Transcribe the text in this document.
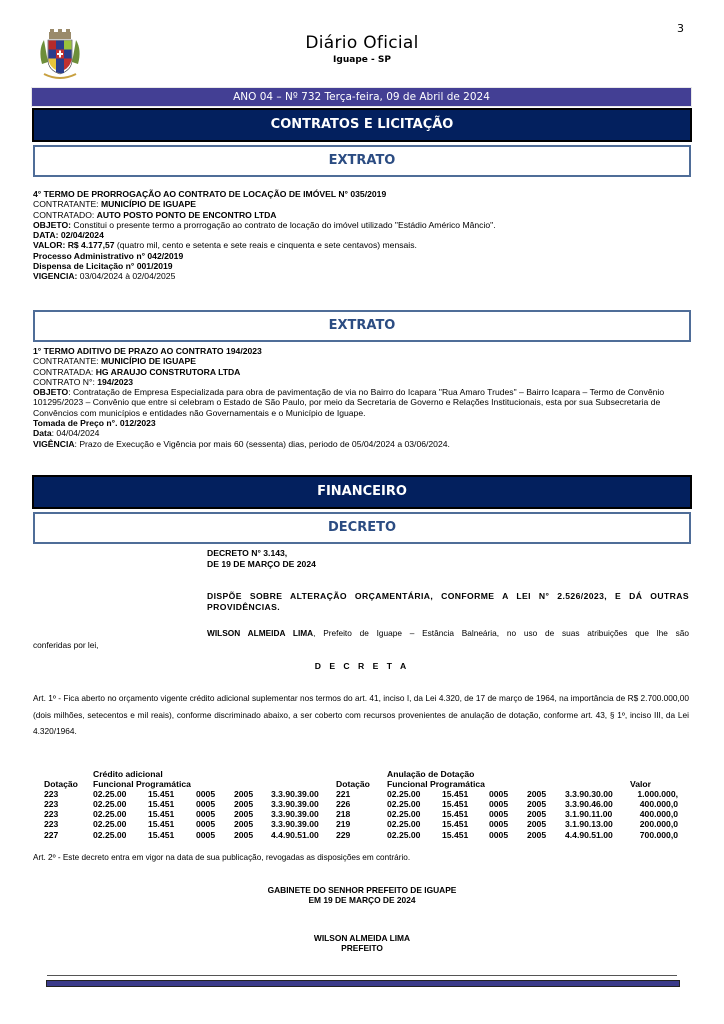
3
Diário Oficial
Iguape - SP
ANO 04 – Nº 732 Terça-feira, 09 de Abril de 2024
CONTRATOS E LICITAÇÃO
EXTRATO

4° TERMO DE PRORROGAÇÃO AO CONTRATO DE LOCAÇÃO DE IMÓVEL N° 035/2019

CONTRATANTE: MUNICÍPIO DE IGUAPE

CONTRATADO: AUTO POSTO PONTO DE ENCONTRO LTDA

OBJETO: Constitui o presente termo a prorrogação ao contrato de locação do imóvel utilizado "Estádio Américo Mâncio".

DATA: 02/04/2024

VALOR: R$ 4.177,57 (quatro mil, cento e setenta e sete reais e cinquenta e sete centavos) mensais.

Processo Administrativo n° 042/2019

Dispensa de Licitação n° 001/2019

VIGENCIA: 03/04/2024 à 02/04/2025

EXTRATO

1° TERMO ADITIVO DE PRAZO AO CONTRATO 194/2023

CONTRATANTE: MUNICÍPIO DE IGUAPE

CONTRATADA: HG ARAUJO CONSTRUTORA LTDA

CONTRATO N°: 194/2023

OBJETO: Contratação de Empresa Especializada para obra de pavimentação de via no Bairro do Icapara "Rua Amaro Trudes" – Bairro Icapara – Termo de Convênio 101295/2023 – Convênio que entre si celebram o Estado de São Paulo, por meio da Secretaria de Governo e Relações Institucionais, esta por sua Subsecretaria de Convêncios com municípios e entidades não Governamentais e o Município de Iguape.

Tomada de Preço n°. 012/2023

Data: 04/04/2024

VIGÊNCIA: Prazo de Execução e Vigência por mais 60 (sessenta) dias, periodo de 05/04/2024 a 03/06/2024.

FINANCEIRO
DECRETO

DECRETO N° 3.143,

DE 19 DE MARÇO DE 2024

DISPÕE SOBRE ALTERAÇÃO ORÇAMENTÁRIA, CONFORME A LEI N° 2.526/2023, E DÁ OUTRAS PROVIDÊNCIAS.
WILSON ALMEIDA LIMA, Prefeito de Iguape – Estância Balneária, no uso de suas atribuições que lhe são
conferidas por lei,
D E C R E T A
Art. 1º - Fica aberto no orçamento vigente crédito adicional suplementar nos termos do art. 41, inciso I, da Lei 4.320, de 17 de março de 1964, na importância de R$ 2.700.000,00 (dois milhões, setecentos e mil reais), conforme discriminado abaixo, a ser coberto com recursos provenientes de anulação de dotação, conforme art. 43, § 1º, inciso III, da Lei 4.320/1964.
Crédito adicional	Anulação de Dotação
Dotação Funcional Programática	Dotação Funcional Programática	Valor
223	02.25.00	15.451	0005 2005 3.3.90.39.00 221	02.25.00	15.451 0005 2005 3.3.90.30.00	1.000.000,
223	02.25.00	15.451	0005 2005 3.3.90.39.00 226	02.25.00	15.451 0005 2005 3.3.90.46.00	400.000,0
223	02.25.00	15.451	0005 2005 3.3.90.39.00 218	02.25.00	15.451 0005 2005 3.1.90.11.00	400.000,0
223	02.25.00	15.451	0005 2005 3.3.90.39.00 219	02.25.00	15.451 0005 2005 3.1.90.13.00	200.000,0
227	02.25.00	15.451	0005 2005 4.4.90.51.00 229	02.25.00	15.451 0005 2005 4.4.90.51.00	700.000,0
Art. 2º - Este decreto entra em vigor na data de sua publicação, revogadas as disposições em contrário.

GABINETE DO SENHOR PREFEITO DE IGUAPE

EM 19 DE MARÇO DE 2024

WILSON ALMEIDA LIMA

PREFEITO
